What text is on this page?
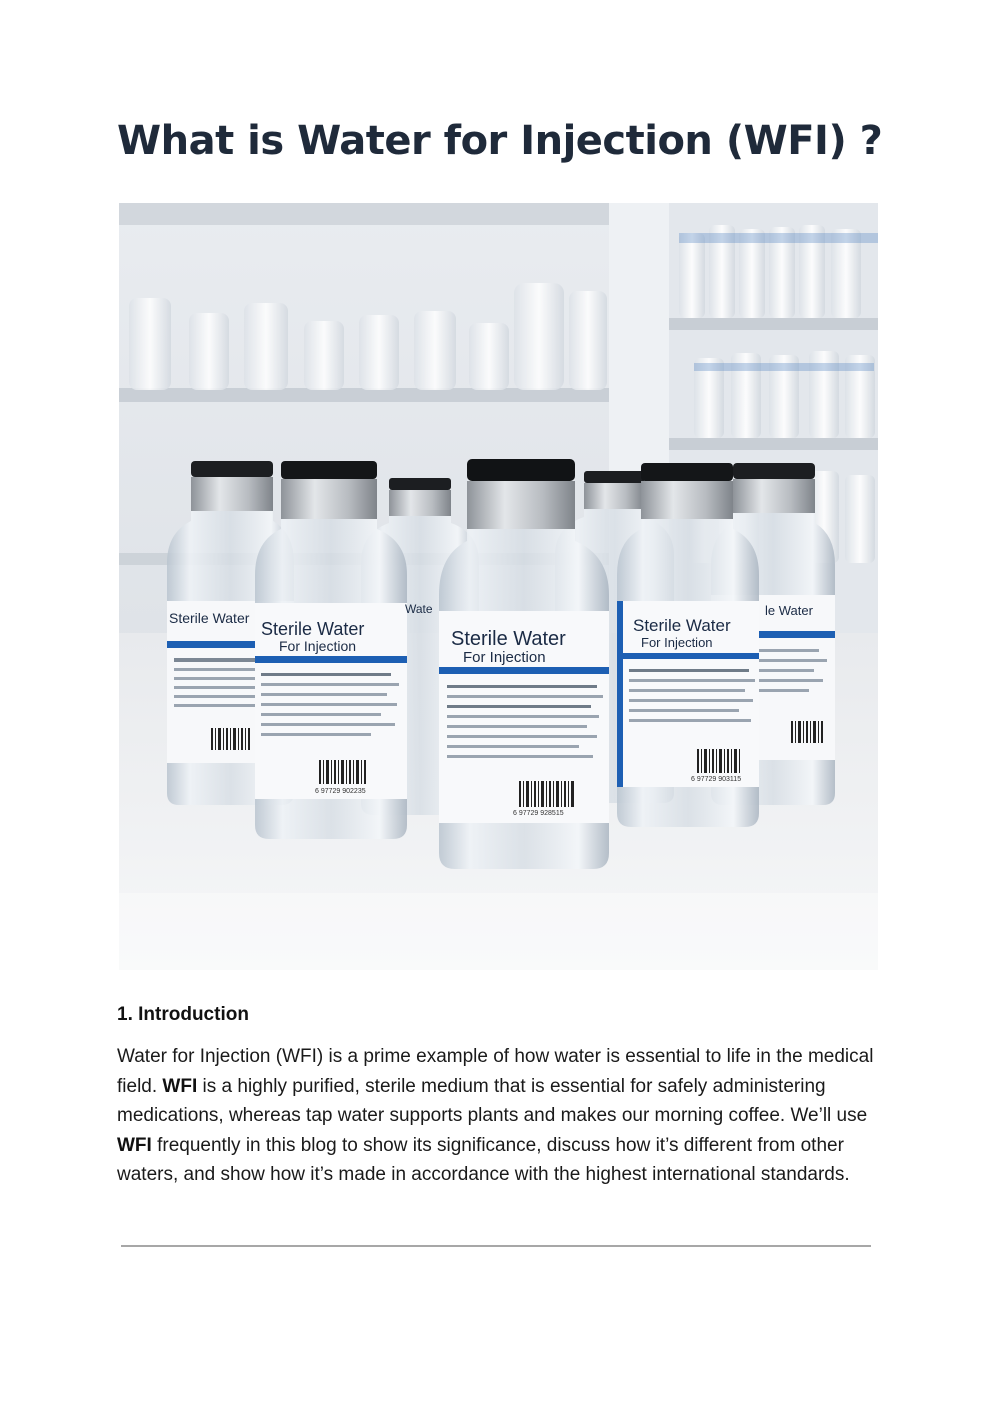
What is Water for Injection (WFI) ?
Sterile Water	le Water
Sterile Water
For Injection
6 97729 902235
Sterile Water
For Injection
6 97729 903115
Wate
Sterile Water
For Injection
6 97729 928515
1. Introduction

Water for Injection (WFI) is a prime example of how water is essential to life in the medical field. WFI is a highly purified, sterile medium that is essential for safely administering medications, whereas tap water supports plants and makes our morning coffee. We’ll use WFI frequently in this blog to show its significance, discuss how it’s different from other waters, and show how it’s made in accordance with the highest international standards.
